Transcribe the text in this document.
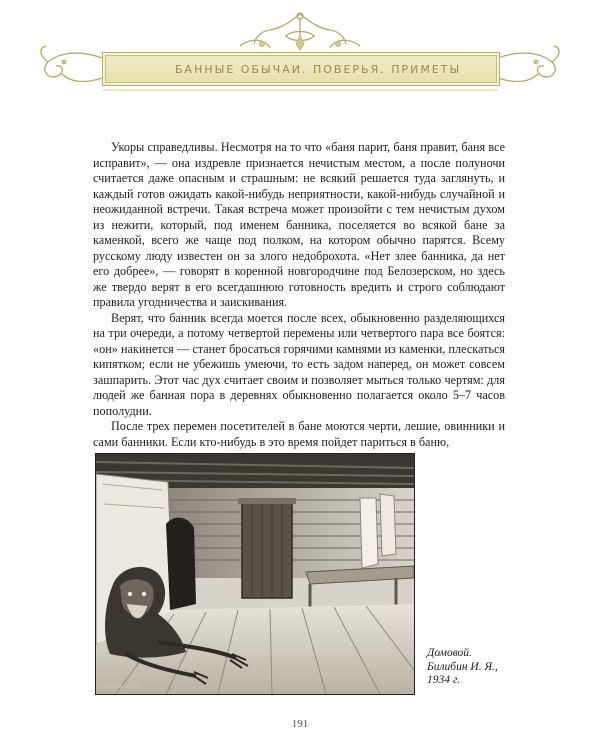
БАННЫЕ ОБЫЧАИ. ПОВЕРЬЯ. ПРИМЕТЫ

Укоры справедливы. Несмотря на то что «баня парит, баня правит, баня все исправит», — она издревле признается нечистым местом, а после полуночи считается даже опасным и страшным: не всякий решается туда заглянуть, и каждый готов ожидать какой-нибудь неприятности, какой-нибудь случайной и неожиданной встречи. Такая встреча может произойти с тем нечистым духом из нежити, который, под именем банника, поселяется во всякой бане за каменкой, всего же чаще под полком, на котором обычно парятся. Всему русскому люду известен он за злого недоброхота. «Нет злее банника, да нет его добрее», — говорят в коренной новгородчине под Белозерском, но здесь же твердо верят в его всегдашнюю готовность вредить и строго соблюдают правила угодничества и заискивания.

Верят, что банник всегда моется после всех, обыкновенно разделяющихся на три очереди, а потому четвертой перемены или четвертого пара все боятся: «он» накинется — станет бросаться горячими камнями из каменки, плескаться кипятком; если не убежишь умеючи, то есть задом наперед, он может совсем зашпарить. Этот час дух считает своим и позволяет мыться только чертям: для людей же банная пора в деревнях обыкновенно полагается около 5–7 часов пополудни.

После трех перемен посетителей в бане моются черти, лешие, овинники и сами банники. Если кто-нибудь в это время пойдет париться в баню,

I. Bilibine 1934
Домовой.
Билибин И. Я.,
1934 г.
191
